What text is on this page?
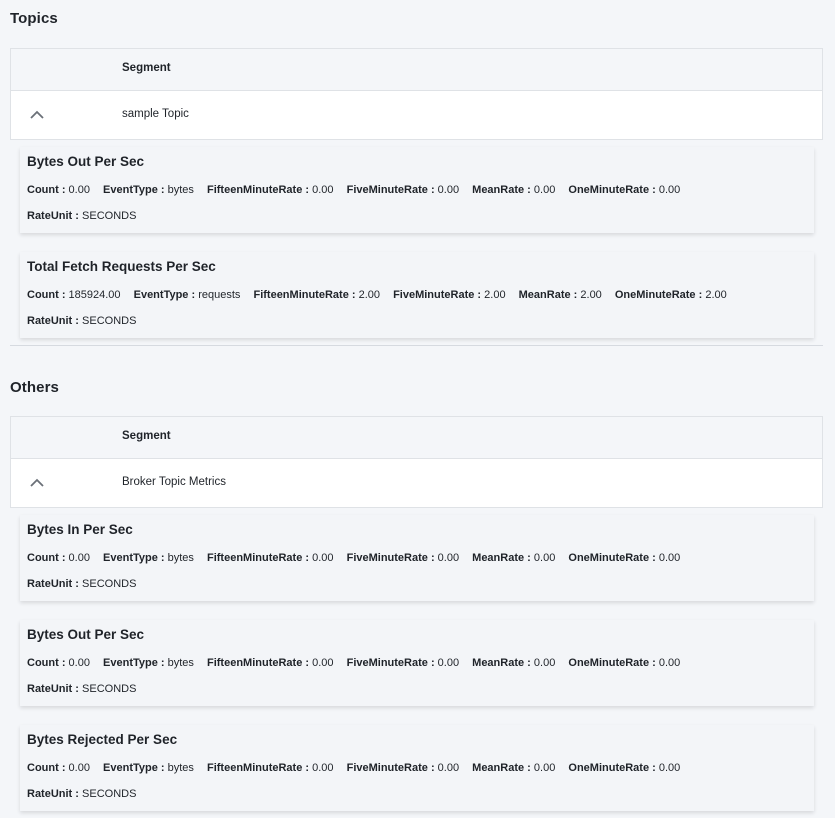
Topics
Segment
sample Topic
Bytes Out Per Sec
Count : 0.00 EventType : bytes FifteenMinuteRate : 0.00 FiveMinuteRate : 0.00 MeanRate : 0.00 OneMinuteRate : 0.00
RateUnit : SECONDS
Total Fetch Requests Per Sec
Count : 185924.00 EventType : requests FifteenMinuteRate : 2.00 FiveMinuteRate : 2.00 MeanRate : 2.00 OneMinuteRate : 2.00
RateUnit : SECONDS
Others
Segment
Broker Topic Metrics
Bytes In Per Sec
Count : 0.00 EventType : bytes FifteenMinuteRate : 0.00 FiveMinuteRate : 0.00 MeanRate : 0.00 OneMinuteRate : 0.00
RateUnit : SECONDS
Bytes Out Per Sec
Count : 0.00 EventType : bytes FifteenMinuteRate : 0.00 FiveMinuteRate : 0.00 MeanRate : 0.00 OneMinuteRate : 0.00
RateUnit : SECONDS
Bytes Rejected Per Sec
Count : 0.00 EventType : bytes FifteenMinuteRate : 0.00 FiveMinuteRate : 0.00 MeanRate : 0.00 OneMinuteRate : 0.00
RateUnit : SECONDS
